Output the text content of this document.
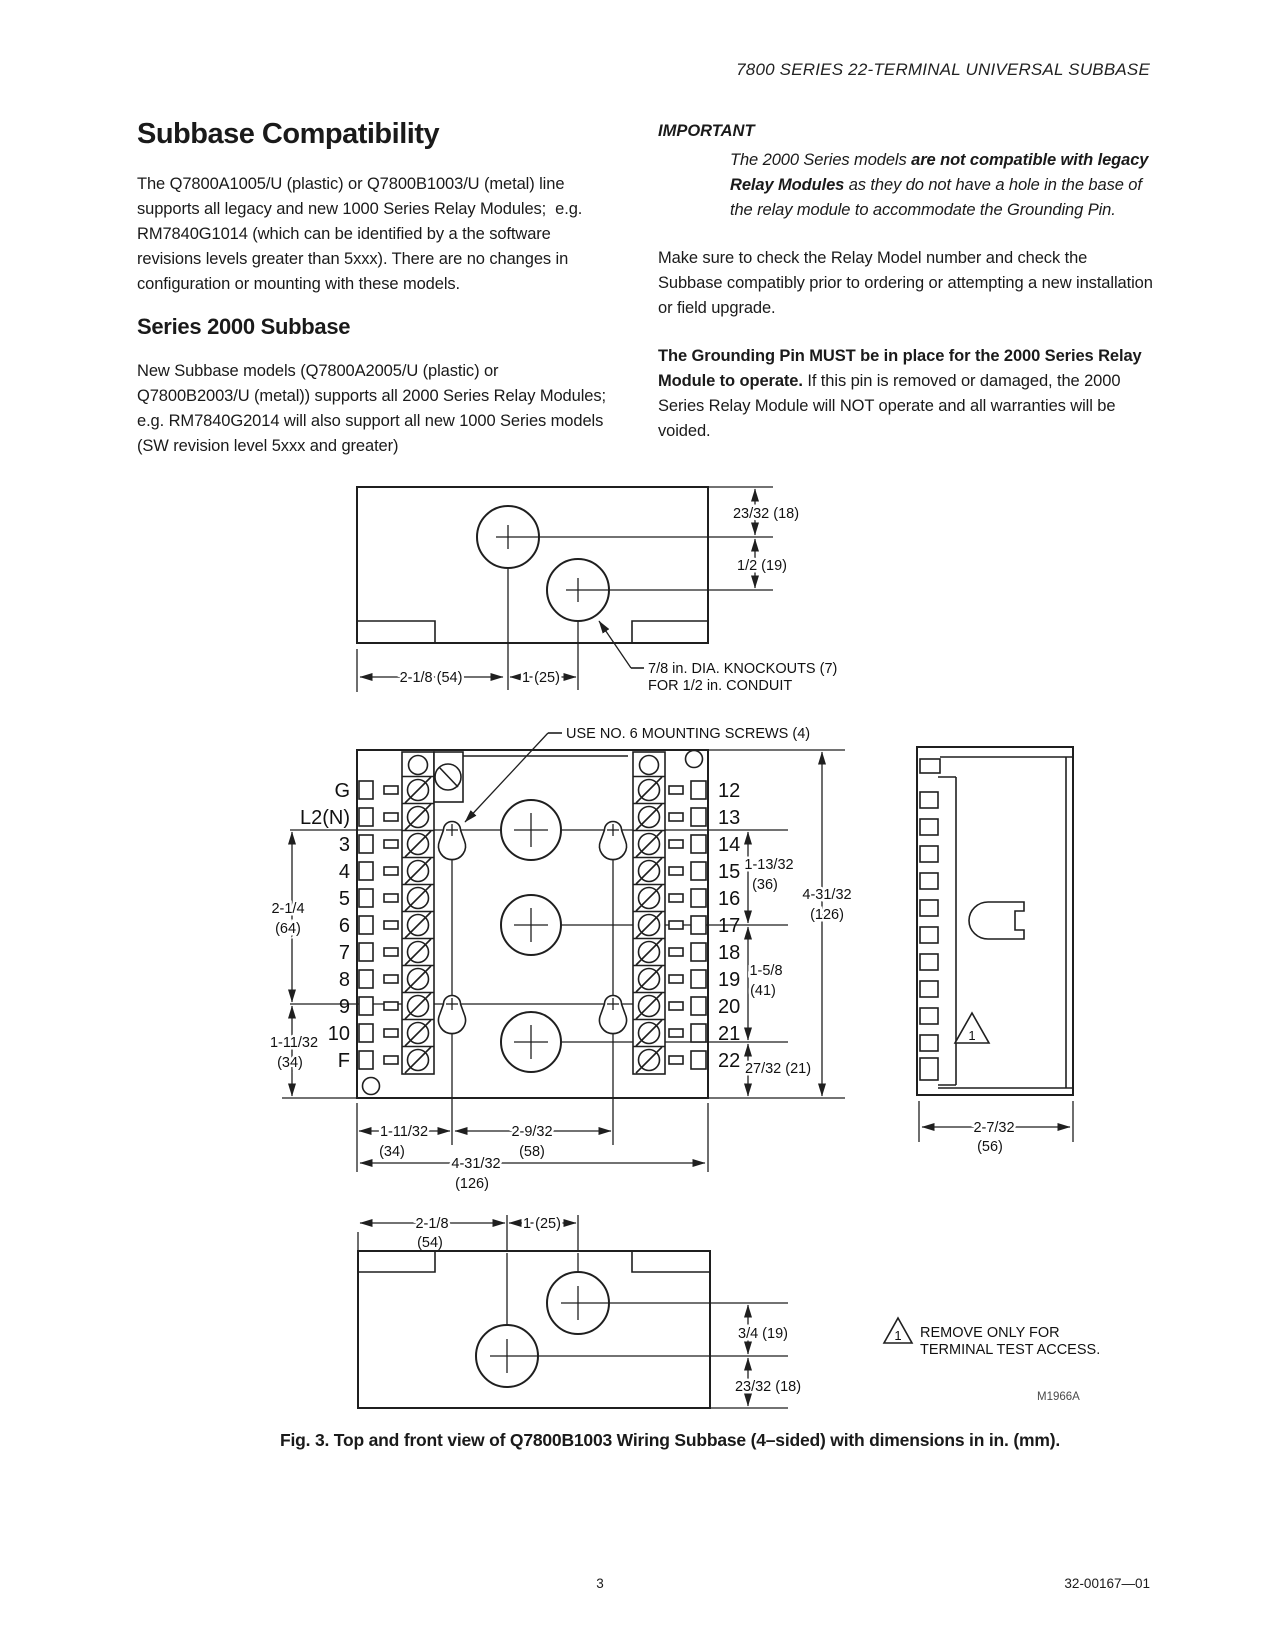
7800 SERIES 22-TERMINAL UNIVERSAL SUBBASE
Subbase Compatibility
The Q7800A1005/U (plastic) or Q7800B1003/U (metal) line supports all legacy and new 1000 Series Relay Modules;  e.g. RM7840G1014 (which can be identified by a the software revisions levels greater than 5xxx). There are no changes in configuration or mounting with these models.
Series 2000 Subbase
New Subbase models (Q7800A2005/U (plastic) or Q7800B2003/U (metal)) supports all 2000 Series Relay Modules;  e.g. RM7840G2014 will also support all new 1000 Series models (SW revision level 5xxx and greater)
IMPORTANT
The 2000 Series models are not compatible with legacy Relay Modules as they do not have a hole in the base of the relay module to accommodate the Grounding Pin.
Make sure to check the Relay Model number and check the Subbase compatibly prior to ordering or attempting a new installation or field upgrade.
The Grounding Pin MUST be in place for the 2000 Series Relay Module to operate. If this pin is removed or damaged, the 2000 Series Relay Module will NOT operate and all warranties will be voided.
23/32 (18)
1/2 (19)
2-1/8 (54)	1 (25)
7/8 in. DIA. KNOCKOUTS (7)
FOR 1/2 in. CONDUIT
USE NO. 6 MOUNTING SCREWS (4)
G
L2(N)
3
4
5
6
7
8
9
10
F
12
13
14
15
16
17
18
19
20
21
22
2-1/4
(64)
1-11/32
(34)
1-13/32
(36)
1-5/8
(41)
27/32 (21)
4-31/32
(126)
1-11/32
(34)
2-9/32
(58)
4-31/32
(126)
1
2-7/32
(56)
2-1/8
(54)
1 (25)
3/4 (19)
23/32 (18)
1 REMOVE ONLY FOR
TERMINAL TEST ACCESS.
M1966A
Fig. 3. Top and front view of Q7800B1003 Wiring Subbase (4–sided) with dimensions in in. (mm).
3	32-00167—01
